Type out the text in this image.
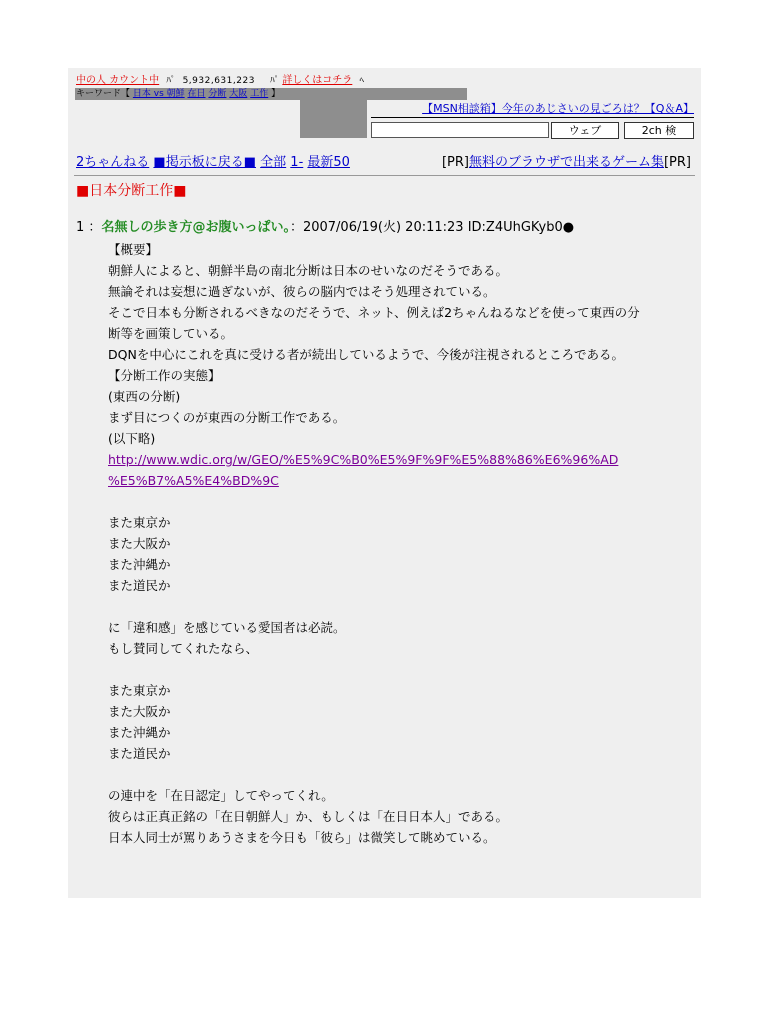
中の人 カウント中 ﾊﾟ 5,932,631,223 ﾊﾟ 詳しくはコチラ ﾍ
キーワード【 日本 vs 朝鮮 在日 分断 大阪 工作 】
【MSN相談箱】今年のあじさいの見ごろは？【Q＆A】
ウェブ	2ch 検
2ちゃんねる ■掲示板に戻る■ 全部 1- 最新50	[PR]無料のブラウザで出来るゲーム集[PR]
■日本分断工作■
1 ：名無しの歩き方@お腹いっぱい。：2007/06/19(火) 20:11:23 ID:Z4UhGKyb0●
【概要】
朝鮮人によると、朝鮮半島の南北分断は日本のせいなのだそうである。
無論それは妄想に過ぎないが、彼らの脳内ではそう処理されている。
そこで日本も分断されるべきなのだそうで、ネット、例えば2ちゃんねるなどを使って東西の分
断等を画策している。
DQNを中心にこれを真に受ける者が続出しているようで、今後が注視されるところである。
【分断工作の実態】
(東西の分断)
まず目につくのが東西の分断工作である。
(以下略)
http://www.wdic.org/w/GEO/%E5%9C%B0%E5%9F%9F%E5%88%86%E6%96%AD
%E5%B7%A5%E4%BD%9C
また東京か
また大阪か
また沖縄か
また道民か
に「違和感」を感じている愛国者は必読。
もし賛同してくれたなら、
また東京か
また大阪か
また沖縄か
また道民か
の連中を「在日認定」してやってくれ。
彼らは正真正銘の「在日朝鮮人」か、もしくは「在日日本人」である。
日本人同士が罵りあうさまを今日も「彼ら」は微笑して眺めている。
